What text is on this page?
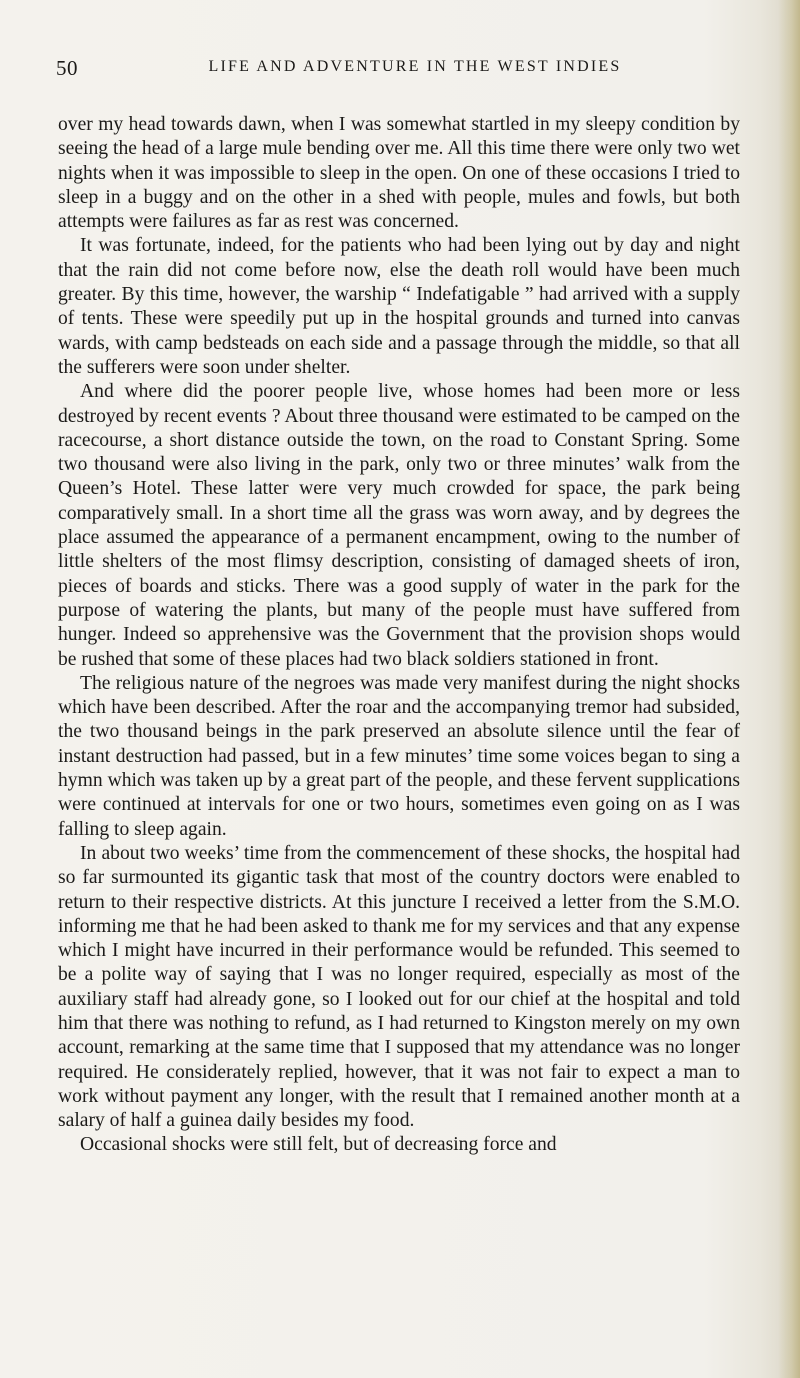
50	LIFE AND ADVENTURE IN THE WEST INDIES

over my head towards dawn, when I was somewhat startled in my sleepy condition by seeing the head of a large mule bending over me. All this time there were only two wet nights when it was impossible to sleep in the open. On one of these occasions I tried to sleep in a buggy and on the other in a shed with people, mules and fowls, but both attempts were failures as far as rest was concerned.

It was fortunate, indeed, for the patients who had been lying out by day and night that the rain did not come before now, else the death roll would have been much greater. By this time, however, the warship “ Indefatigable ” had arrived with a supply of tents. These were speedily put up in the hospital grounds and turned into canvas wards, with camp bedsteads on each side and a passage through the middle, so that all the sufferers were soon under shelter.

And where did the poorer people live, whose homes had been more or less destroyed by recent events ? About three thousand were estimated to be camped on the racecourse, a short distance outside the town, on the road to Constant Spring. Some two thousand were also living in the park, only two or three minutes’ walk from the Queen’s Hotel. These latter were very much crowded for space, the park being comparatively small. In a short time all the grass was worn away, and by degrees the place assumed the appearance of a permanent encampment, owing to the number of little shelters of the most flimsy description, consisting of damaged sheets of iron, pieces of boards and sticks. There was a good supply of water in the park for the purpose of watering the plants, but many of the people must have suffered from hunger. Indeed so apprehensive was the Government that the provision shops would be rushed that some of these places had two black soldiers stationed in front.

The religious nature of the negroes was made very manifest during the night shocks which have been described. After the roar and the accompanying tremor had subsided, the two thousand beings in the park preserved an absolute silence until the fear of instant destruction had passed, but in a few minutes’ time some voices began to sing a hymn which was taken up by a great part of the people, and these fervent supplications were continued at intervals for one or two hours, sometimes even going on as I was falling to sleep again.

In about two weeks’ time from the commencement of these shocks, the hospital had so far surmounted its gigantic task that most of the country doctors were enabled to return to their respective districts. At this juncture I received a letter from the S.M.O. informing me that he had been asked to thank me for my services and that any expense which I might have incurred in their performance would be refunded. This seemed to be a polite way of saying that I was no longer required, especially as most of the auxiliary staff had already gone, so I looked out for our chief at the hospital and told him that there was nothing to refund, as I had returned to Kingston merely on my own account, remarking at the same time that I supposed that my attendance was no longer required. He considerately replied, however, that it was not fair to expect a man to work without payment any longer, with the result that I remained another month at a salary of half a guinea daily besides my food.

Occasional shocks were still felt, but of decreasing force and
